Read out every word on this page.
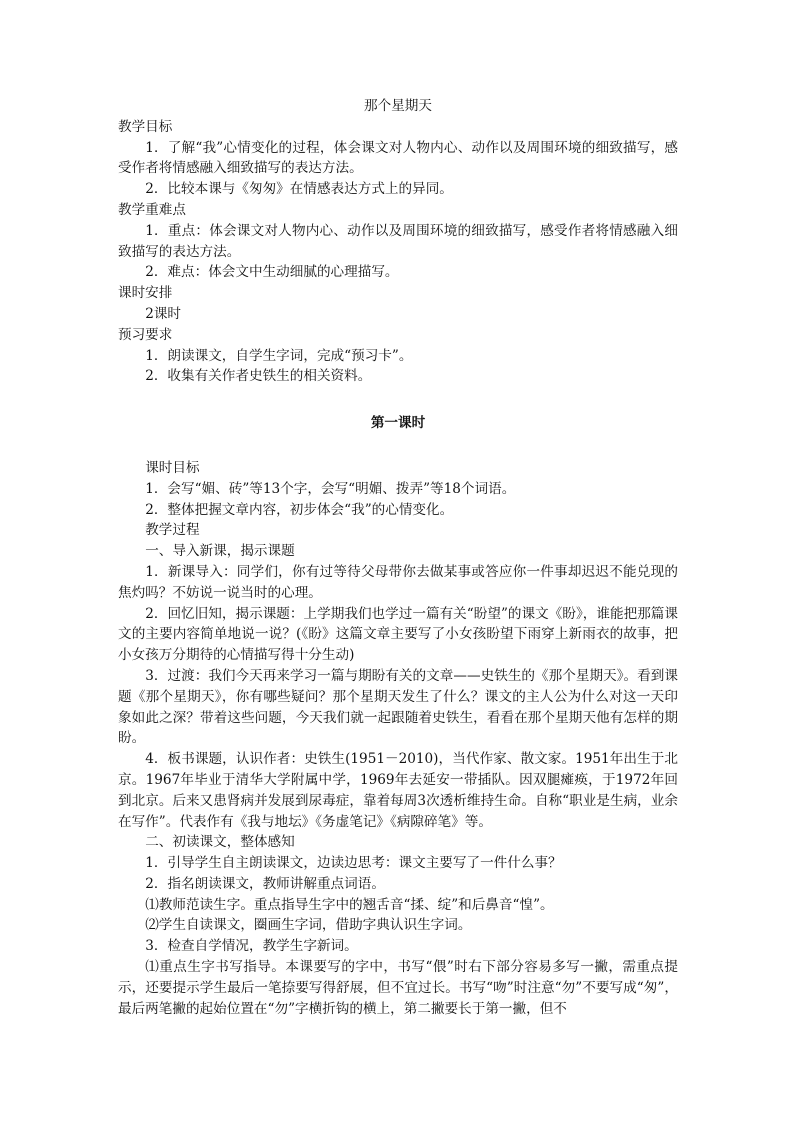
那个星期天

教学目标

1．了解“我”心情变化的过程，体会课文对人物内心、动作以及周围环境的细致描写，感受作者将情感融入细致描写的表达方法。

2．比较本课与《匆匆》在情感表达方式上的异同。

教学重难点

1．重点：体会课文对人物内心、动作以及周围环境的细致描写，感受作者将情感融入细致描写的表达方法。

2．难点：体会文中生动细腻的心理描写。

课时安排

2课时

预习要求

1．朗读课文，自学生字词，完成“预习卡”。

2．收集有关作者史铁生的相关资料。

第一课时

课时目标

1．会写“媚、砖”等13个字，会写“明媚、拨弄”等18个词语。

2．整体把握文章内容，初步体会“我”的心情变化。

教学过程

一、导入新课，揭示课题

1．新课导入：同学们，你有过等待父母带你去做某事或答应你一件事却迟迟不能兑现的焦灼吗？不妨说一说当时的心理。

2．回忆旧知，揭示课题：上学期我们也学过一篇有关“盼望”的课文《盼》，谁能把那篇课文的主要内容简单地说一说？(《盼》这篇文章主要写了小女孩盼望下雨穿上新雨衣的故事，把小女孩万分期待的心情描写得十分生动)

3．过渡：我们今天再来学习一篇与期盼有关的文章——史铁生的《那个星期天》。看到课题《那个星期天》，你有哪些疑问？那个星期天发生了什么？课文的主人公为什么对这一天印象如此之深？带着这些问题，今天我们就一起跟随着史铁生，看看在那个星期天他有怎样的期盼。

4．板书课题，认识作者：史铁生(1951－2010)，当代作家、散文家。1951年出生于北京。1967年毕业于清华大学附属中学，1969年去延安一带插队。因双腿瘫痪，于1972年回到北京。后来又患肾病并发展到尿毒症，靠着每周3次透析维持生命。自称“职业是生病，业余在写作”。代表作有《我与地坛》《务虚笔记》《病隙碎笔》等。

二、初读课文，整体感知

1．引导学生自主朗读课文，边读边思考：课文主要写了一件什么事？

2．指名朗读课文，教师讲解重点词语。

⑴教师范读生字。重点指导生字中的翘舌音“揉、绽”和后鼻音“惶”。

⑵学生自读课文，圈画生字词，借助字典认识生字词。

3．检查自学情况，教学生字新词。

⑴重点生字书写指导。本课要写的字中，书写“偎”时右下部分容易多写一撇，需重点提示，还要提示学生最后一笔捺要写得舒展，但不宜过长。书写“吻”时注意“勿”不要写成“匆”，最后两笔撇的起始位置在“勿”字横折钩的横上，第二撇要长于第一撇，但不
